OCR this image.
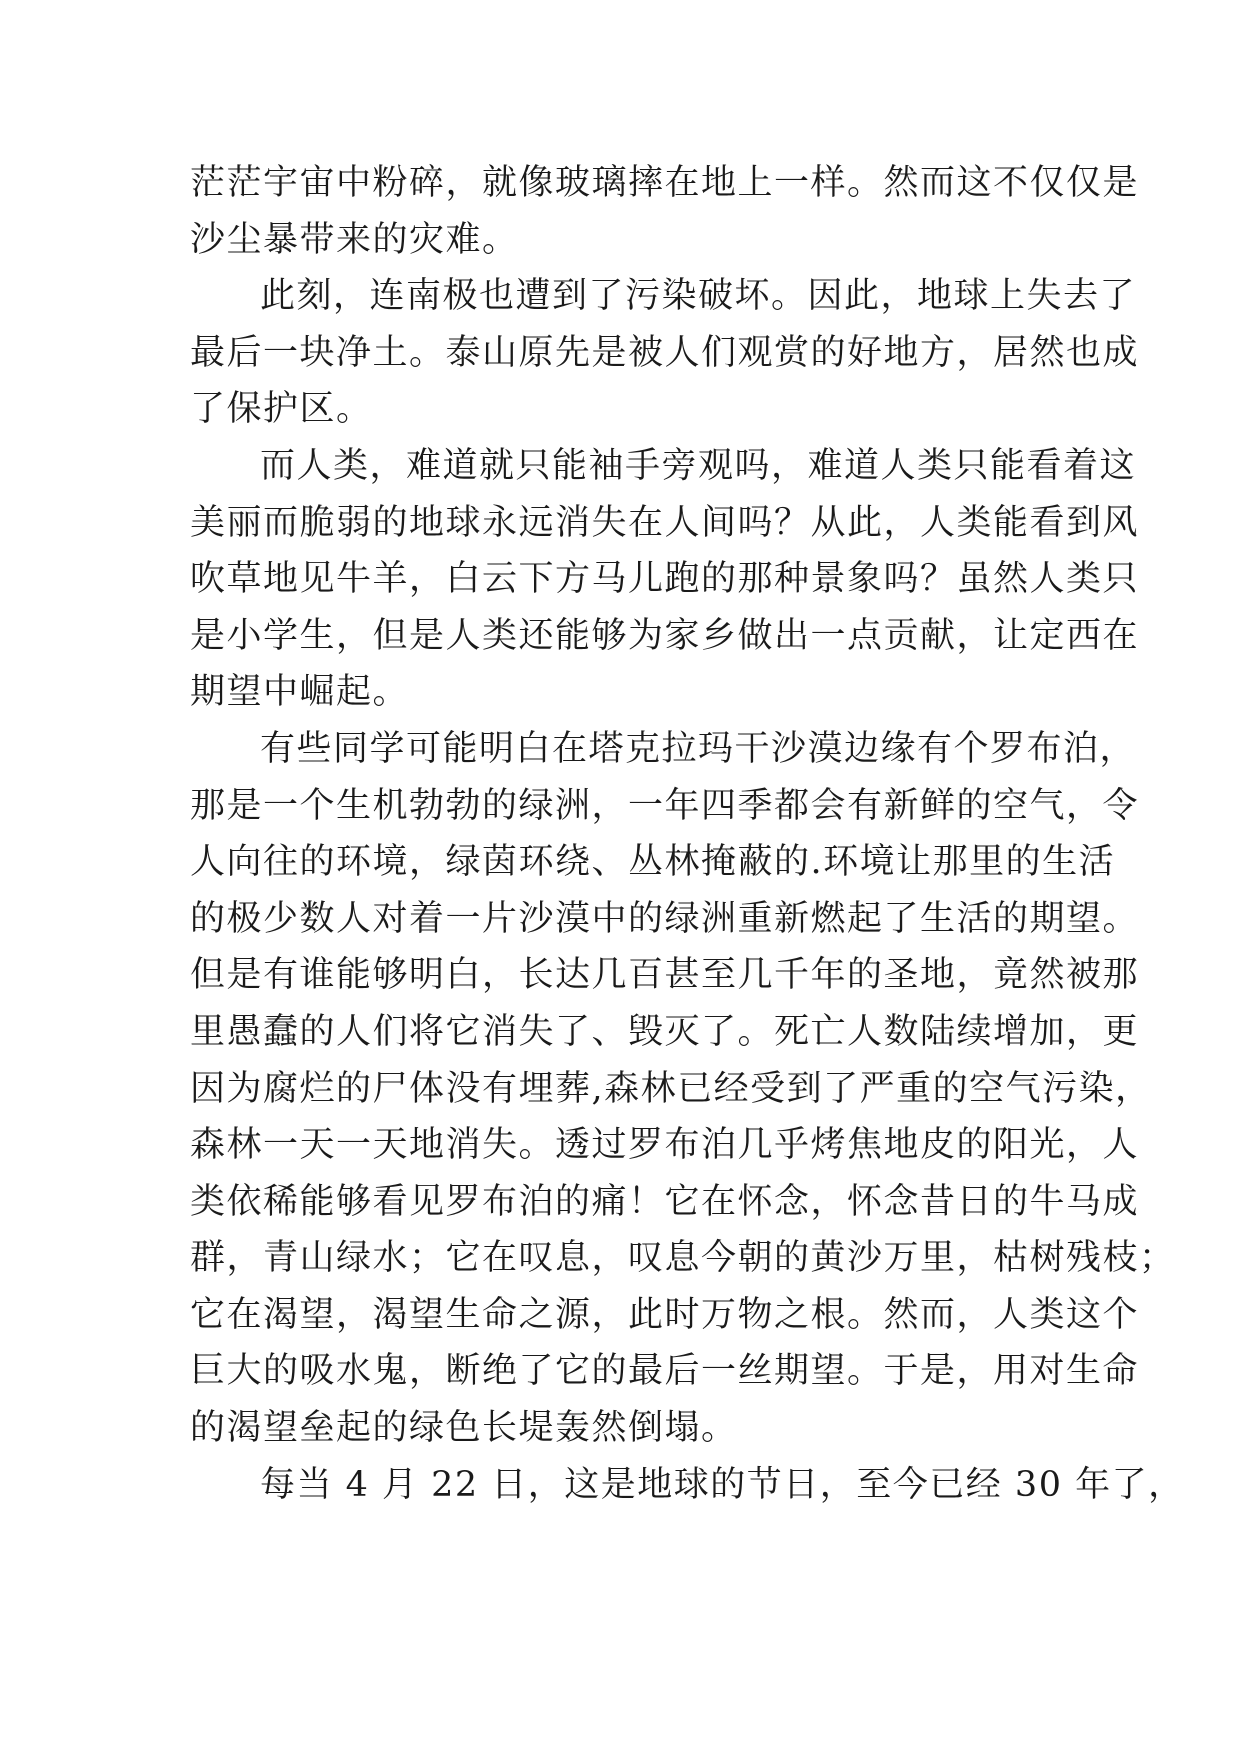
茫茫宇宙中粉碎，就像玻璃摔在地上一样。然而这不仅仅是
沙尘暴带来的灾难。
此刻，连南极也遭到了污染破坏。因此，地球上失去了
最后一块净土。泰山原先是被人们观赏的好地方，居然也成
了保护区。
而人类，难道就只能袖手旁观吗，难道人类只能看着这
美丽而脆弱的地球永远消失在人间吗？从此，人类能看到风
吹草地见牛羊，白云下方马儿跑的那种景象吗？虽然人类只
是小学生，但是人类还能够为家乡做出一点贡献，让定西在
期望中崛起。
有些同学可能明白在塔克拉玛干沙漠边缘有个罗布泊，
那是一个生机勃勃的绿洲，一年四季都会有新鲜的空气，令
人向往的环境，绿茵环绕、丛林掩蔽的.环境让那里的生活
的极少数人对着一片沙漠中的绿洲重新燃起了生活的期望。
但是有谁能够明白，长达几百甚至几千年的圣地，竟然被那
里愚蠢的人们将它消失了、毁灭了。死亡人数陆续增加，更
因为腐烂的尸体没有埋葬,森林已经受到了严重的空气污染，
森林一天一天地消失。透过罗布泊几乎烤焦地皮的阳光，人
类依稀能够看见罗布泊的痛！它在怀念，怀念昔日的牛马成
群，青山绿水；它在叹息，叹息今朝的黄沙万里，枯树残枝；
它在渴望，渴望生命之源，此时万物之根。然而，人类这个
巨大的吸水鬼，断绝了它的最后一丝期望。于是，用对生命
的渴望垒起的绿色长堤轰然倒塌。
每当 4 月 22 日，这是地球的节日，至今已经 30 年了，
